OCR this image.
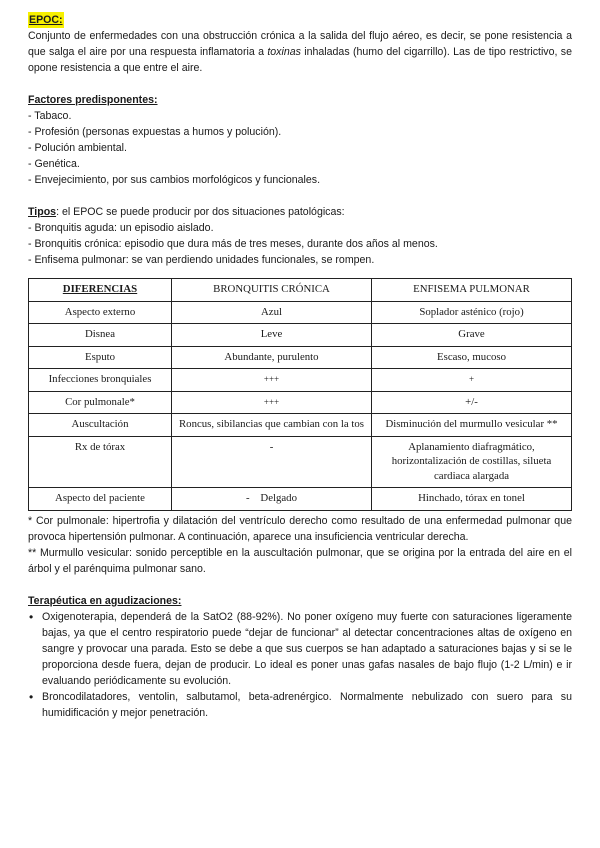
EPOC:

Conjunto de enfermedades con una obstrucción crónica a la salida del flujo aéreo, es decir, se pone resistencia a que salga el aire por una respuesta inflamatoria a toxinas inhaladas (humo del cigarrillo). Las de tipo restrictivo, se opone resistencia a que entre el aire.

Factores predisponentes:

- Tabaco.

- Profesión (personas expuestas a humos y polución).

- Polución ambiental.

- Genética.

- Envejecimiento, por sus cambios morfológicos y funcionales.

Tipos: el EPOC se puede producir por dos situaciones patológicas:

- Bronquitis aguda: un episodio aislado.

- Bronquitis crónica: episodio que dura más de tres meses, durante dos años al menos.

- Enfisema pulmonar: se van perdiendo unidades funcionales, se rompen.

DIFERENCIAS	BRONQUITIS CRÓNICA	ENFISEMA PULMONAR
Aspecto externo	Azul	Soplador asténico (rojo)
Disnea	Leve	Grave
Esputo	Abundante, purulento	Escaso, mucoso
Infecciones bronquiales	+++	+
Cor pulmonale*	+++	+/-
Auscultación	Roncus, sibilancias que cambian con la tos	Disminución del murmullo vesicular **
Rx de tórax	-	Aplanamiento diafragmático, horizontalización de costillas, silueta cardiaca alargada
Aspecto del paciente	-    Delgado	Hinchado, tórax en tonel

* Cor pulmonale: hipertrofia y dilatación del ventrículo derecho como resultado de una enfermedad pulmonar que provoca hipertensión pulmonar. A continuación, aparece una insuficiencia ventricular derecha.

** Murmullo vesicular: sonido perceptible en la auscultación pulmonar, que se origina por la entrada del aire en el árbol y el parénquima pulmonar sano.

Terapéutica en agudizaciones:

• Oxigenoterapia, dependerá de la SatO2 (88-92%). No poner oxígeno muy fuerte con saturaciones ligeramente bajas, ya que el centro respiratorio puede “dejar de funcionar” al detectar concentraciones altas de oxígeno en sangre y provocar una parada. Esto se debe a que sus cuerpos se han adaptado a saturaciones bajas y si se le proporciona desde fuera, dejan de producir. Lo ideal es poner unas gafas nasales de bajo flujo (1-2 L/min) e ir evaluando periódicamente su evolución.
• Broncodilatadores, ventolin, salbutamol, beta-adrenérgico. Normalmente nebulizado con suero para su humidificación y mejor penetración.
